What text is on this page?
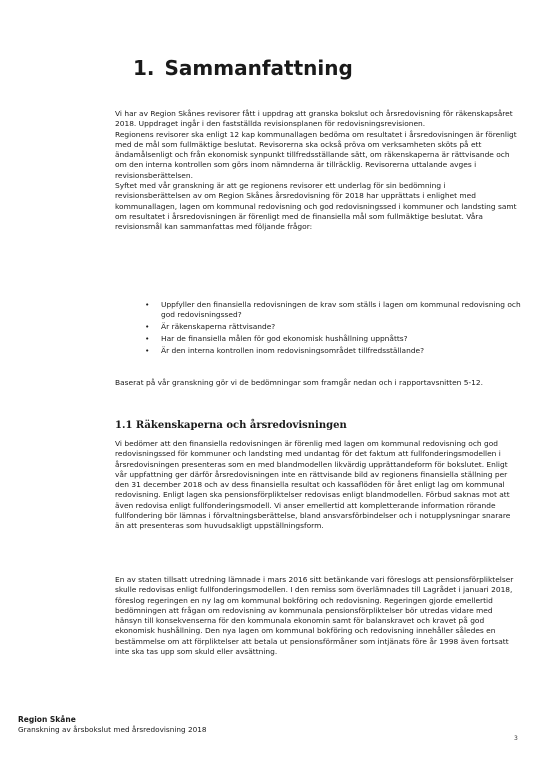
1. Sammanfattning

Vi har av Region Skånes revisorer fått i uppdrag att granska bokslut och årsredovisning för räkenskapsåret 2018. Uppdraget ingår i den fastställda revisionsplanen för redovisningsrevisionen.

Regionens revisorer ska enligt 12 kap kommunallagen bedöma om resultatet i årsredovisningen är förenligt med de mål som fullmäktige beslutat. Revisorerna ska också pröva om verksamheten sköts på ett ändamålsenligt och från ekonomisk synpunkt tillfredsställande sätt, om räkenskaperna är rättvisande och om den interna kontrollen som görs inom nämnderna är tillräcklig. Revisorerna uttalande avges i revisionsberättelsen.

Syftet med vår granskning är att ge regionens revisorer ett underlag för sin bedömning i revisionsberättelsen av om Region Skånes årsredovisning för 2018 har upprättats i enlighet med kommunallagen, lagen om kommunal redovisning och god redovisningssed i kommuner och landsting samt om resultatet i årsredovisningen är förenligt med de finansiella mål som fullmäktige beslutat. Våra revisionsmål kan sammanfattas med följande frågor:

• Uppfyller den finansiella redovisningen de krav som ställs i lagen om kommunal redovisning och god redovisningssed?
• Är räkenskaperna rättvisande?
• Har de finansiella målen för god ekonomisk hushållning uppnåtts?
• Är den interna kontrollen inom redovisningsområdet tillfredsställande?

Baserat på vår granskning gör vi de bedömningar som framgår nedan och i rapportavsnitten 5-12.

1.1 Räkenskaperna och årsredovisningen

Vi bedömer att den finansiella redovisningen är förenlig med lagen om kommunal redovisning och god redovisningssed för kommuner och landsting med undantag för det faktum att fullfonderingsmodellen i årsredovisningen presenteras som en med blandmodellen likvärdig upprättandeform för bokslutet. Enligt vår uppfattning ger därför årsredovisningen inte en rättvisande bild av regionens finansiella ställning per den 31 december 2018 och av dess finansiella resultat och kassaflöden för året enligt lag om kommunal redovisning. Enligt lagen ska pensionsförpliktelser redovisas enligt blandmodellen. Förbud saknas mot att även redovisa enligt fullfonderingsmodell. Vi anser emellertid att kompletterande information rörande fullfondering bör lämnas i förvaltningsberättelse, bland ansvarsförbindelser och i notupplysningar snarare än att presenteras som huvudsakligt uppställningsform.

En av staten tillsatt utredning lämnade i mars 2016 sitt betänkande vari föreslogs att pensionsförpliktelser skulle redovisas enligt fullfonderingsmodellen. I den remiss som överlämnades till Lagrådet i januari 2018, föreslog regeringen en ny lag om kommunal bokföring och redovisning. Regeringen gjorde emellertid bedömningen att frågan om redovisning av kommunala pensionsförpliktelser bör utredas vidare med hänsyn till konsekvenserna för den kommunala ekonomin samt för balanskravet och kravet på god ekonomisk hushållning. Den nya lagen om kommunal bokföring och redovisning innehåller således en bestämmelse om att förpliktelser att betala ut pensionsförmåner som intjänats före år 1998 även fortsatt inte ska tas upp som skuld eller avsättning.

Region Skåne
Granskning av årsbokslut med årsredovisning 2018
3
